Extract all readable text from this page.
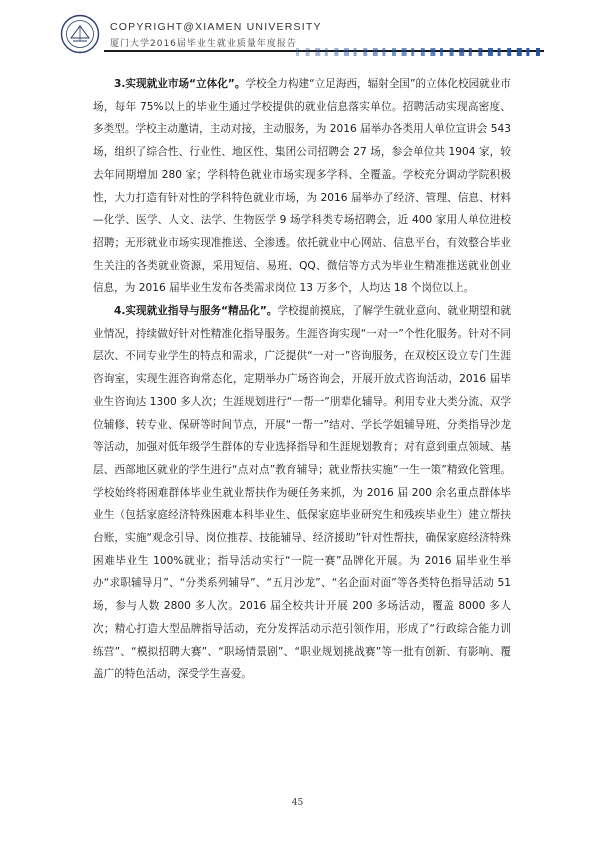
COPYRIGHT@XIAMEN UNIVERSITY
厦门大学2016届毕业生就业质量年度报告

3.实现就业市场“立体化”。学校全力构建“立足海西，辐射全国”的立体化校园就业市场，每年 75%以上的毕业生通过学校提供的就业信息落实单位。招聘活动实现高密度、多类型。学校主动邀请，主动对接，主动服务，为 2016 届举办各类用人单位宣讲会 543 场，组织了综合性、行业性、地区性、集团公司招聘会 27 场，参会单位共 1904 家，较去年同期增加 280 家；学科特色就业市场实现多学科、全覆盖。学校充分调动学院积极性，大力打造有针对性的学科特色就业市场，为 2016 届举办了经济、管理、信息、材料—化学、医学、人文、法学、生物医学 9 场学科类专场招聘会，近 400 家用人单位进校招聘；无形就业市场实现准推送、全渗透。依托就业中心网站、信息平台，有效整合毕业生关注的各类就业资源，采用短信、易班、QQ、微信等方式为毕业生精准推送就业创业信息，为 2016 届毕业生发布各类需求岗位 13 万多个，人均达 18 个岗位以上。

4.实现就业指导与服务“精品化”。学校提前摸底，了解学生就业意向、就业期望和就业情况，持续做好针对性精准化指导服务。生涯咨询实现“一对一”个性化服务。针对不同层次、不同专业学生的特点和需求，广泛提供“一对一”咨询服务，在双校区设立专门生涯咨询室，实现生涯咨询常态化，定期举办广场咨询会，开展开放式咨询活动，2016 届毕业生咨询达 1300 多人次；生涯规划进行“一帮一”朋辈化辅导。利用专业大类分流、双学位辅修、转专业、保研等时间节点，开展“一帮一”结对、学长学姐辅导班、分类指导沙龙等活动，加强对低年级学生群体的专业选择指导和生涯规划教育；对有意到重点领域、基层、西部地区就业的学生进行“点对点”教育辅导；就业帮扶实施“一生一策”精致化管理。学校始终将困难群体毕业生就业帮扶作为硬任务来抓，为 2016 届 200 余名重点群体毕业生（包括家庭经济特殊困难本科毕业生、低保家庭毕业研究生和残疾毕业生）建立帮扶台账，实施“观念引导、岗位推荐、技能辅导、经济援助”针对性帮扶，确保家庭经济特殊困难毕业生 100%就业；指导活动实行“一院一赛”品牌化开展。为 2016 届毕业生举办“求职辅导月”、“分类系列辅导”、“五月沙龙”、“名企面对面”等各类特色指导活动 51 场，参与人数 2800 多人次。2016 届全校共计开展 200 多场活动，覆盖 8000 多人次；精心打造大型品牌指导活动，充分发挥活动示范引领作用，形成了“行政综合能力训练营”、“模拟招聘大赛”、“职场情景剧”、“职业规划挑战赛”等一批有创新、有影响、覆盖广的特色活动，深受学生喜爱。

45
